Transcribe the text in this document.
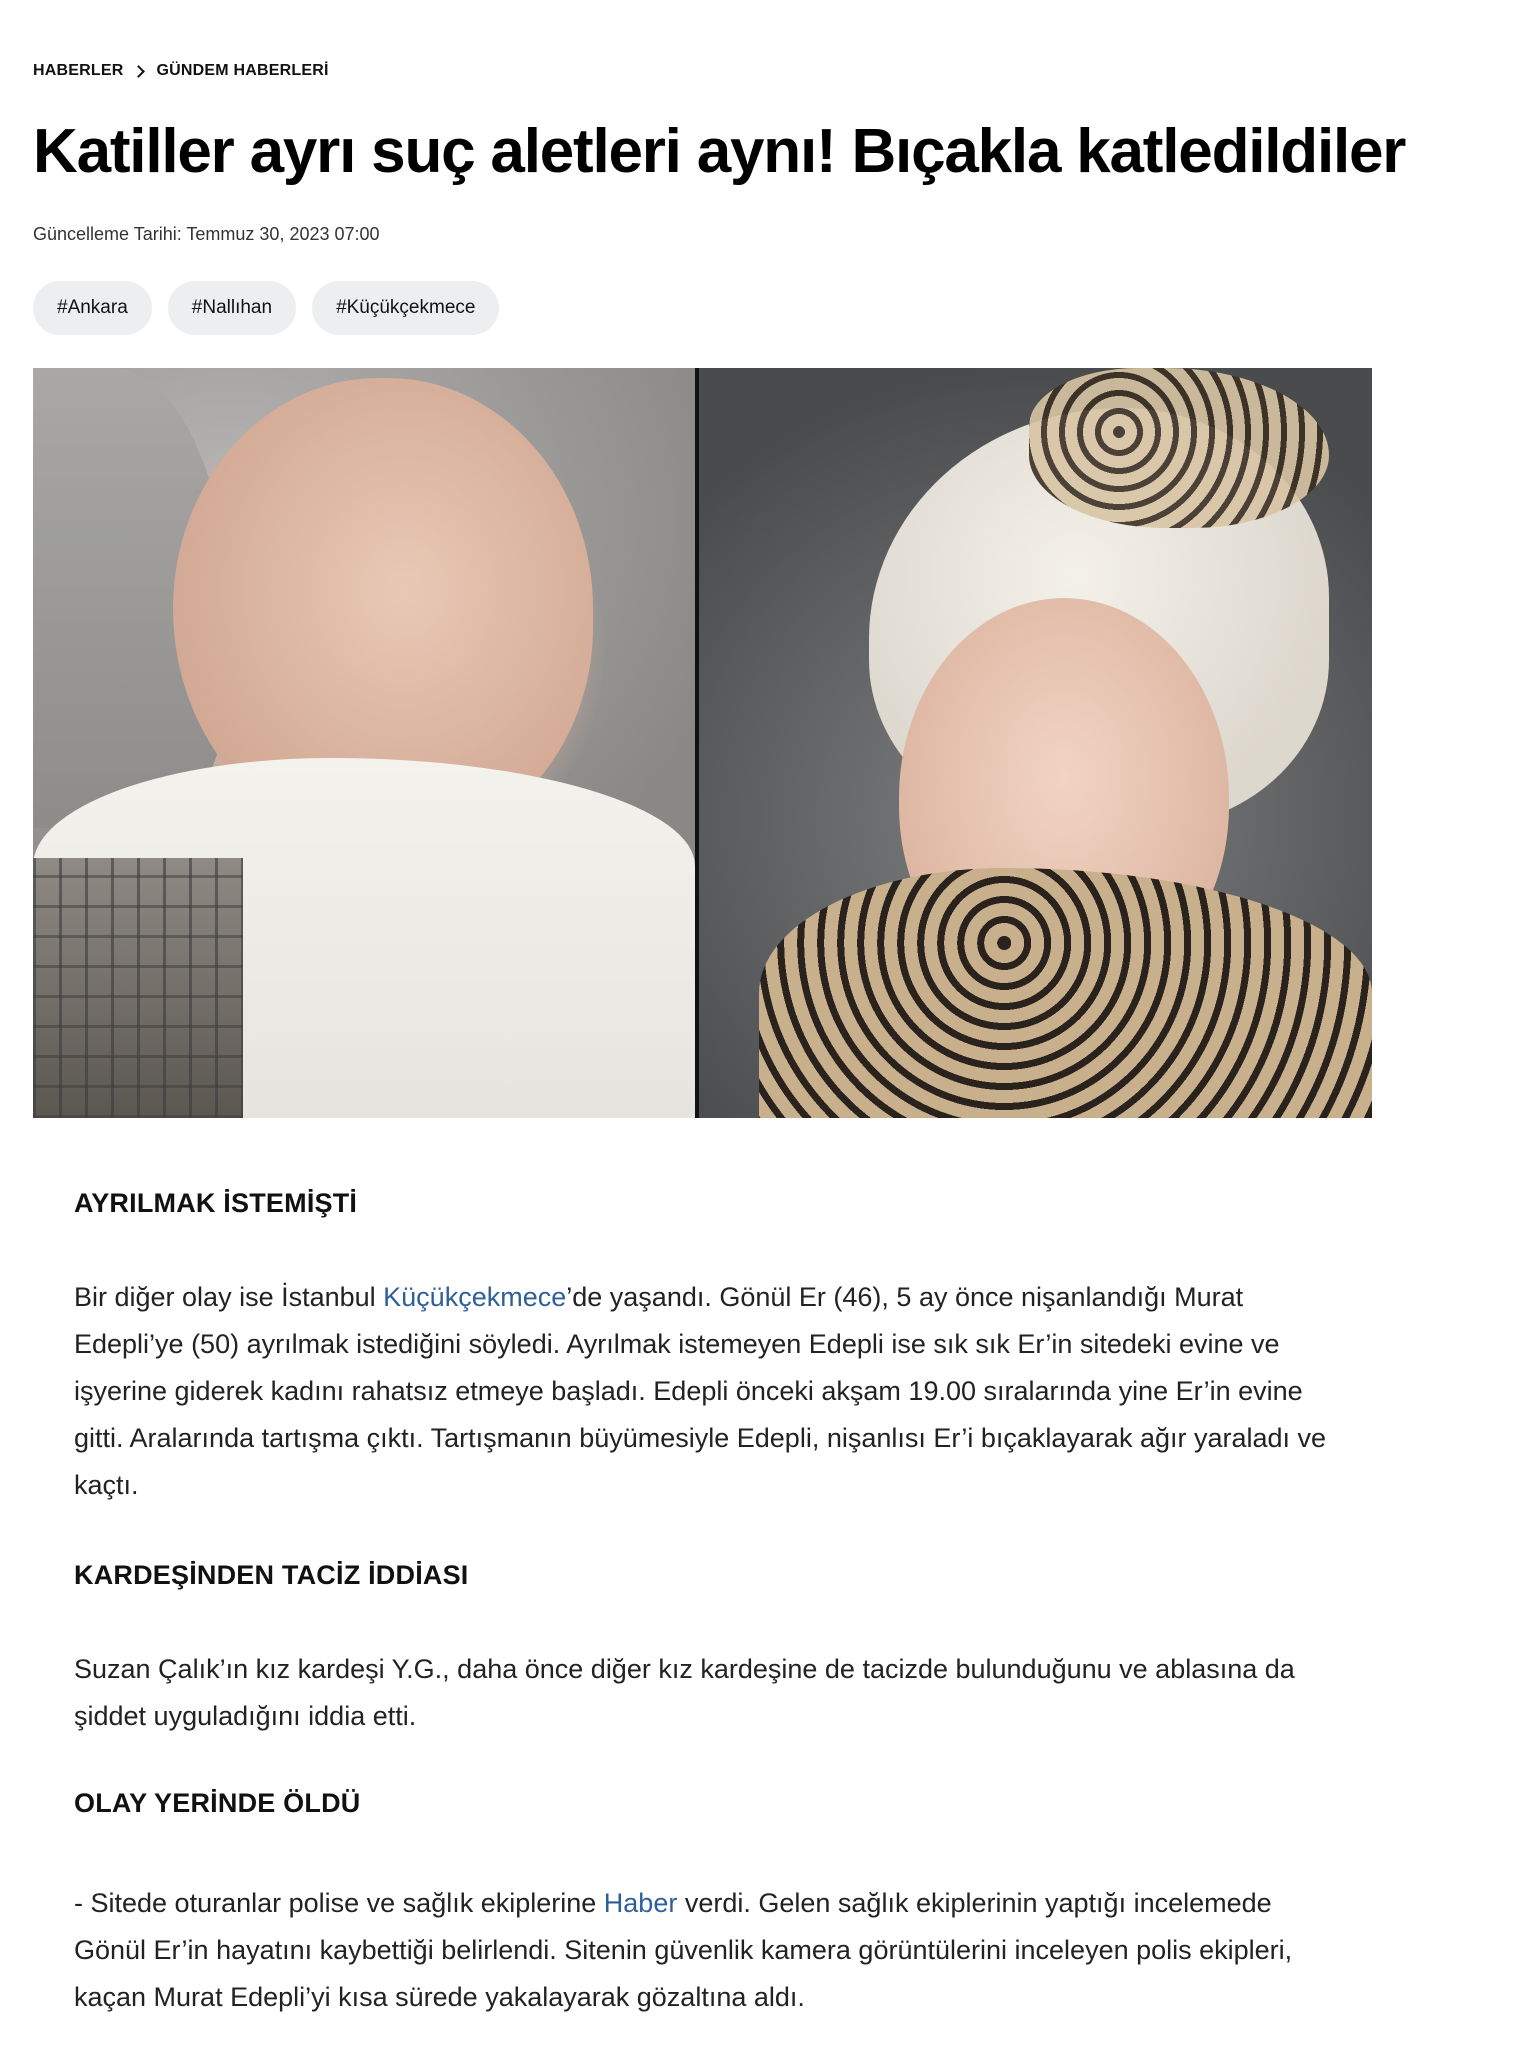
HABERLER GÜNDEM HABERLERİ
Katiller ayrı suç aletleri aynı! Bıçakla katledildiler
Güncelleme Tarihi: Temmuz 30, 2023 07:00
#Ankara	#Nallıhan	#Küçükçekmece
AYRILMAK İSTEMİŞTİ

Bir diğer olay ise İstanbul Küçükçekmece’de yaşandı. Gönül Er (46), 5 ay önce nişanlandığı Murat Edepli’ye (50) ayrılmak istediğini söyledi. Ayrılmak istemeyen Edepli ise sık sık Er’in sitedeki evine ve işyerine giderek kadını rahatsız etmeye başladı. Edepli önceki akşam 19.00 sıralarında yine Er’in evine gitti. Aralarında tartışma çıktı. Tartışmanın büyümesiyle Edepli, nişanlısı Er’i bıçaklayarak ağır yaraladı ve kaçtı.

KARDEŞİNDEN TACİZ İDDİASI

Suzan Çalık’ın kız kardeşi Y.G., daha önce diğer kız kardeşine de tacizde bulunduğunu ve ablasına da şiddet uyguladığını iddia etti.

OLAY YERİNDE ÖLDÜ

- Sitede oturanlar polise ve sağlık ekiplerine Haber verdi. Gelen sağlık ekiplerinin yaptığı incelemede Gönül Er’in hayatını kaybettiği belirlendi. Sitenin güvenlik kamera görüntülerini inceleyen polis ekipleri, kaçan Murat Edepli’yi kısa sürede yakalayarak gözaltına aldı.
